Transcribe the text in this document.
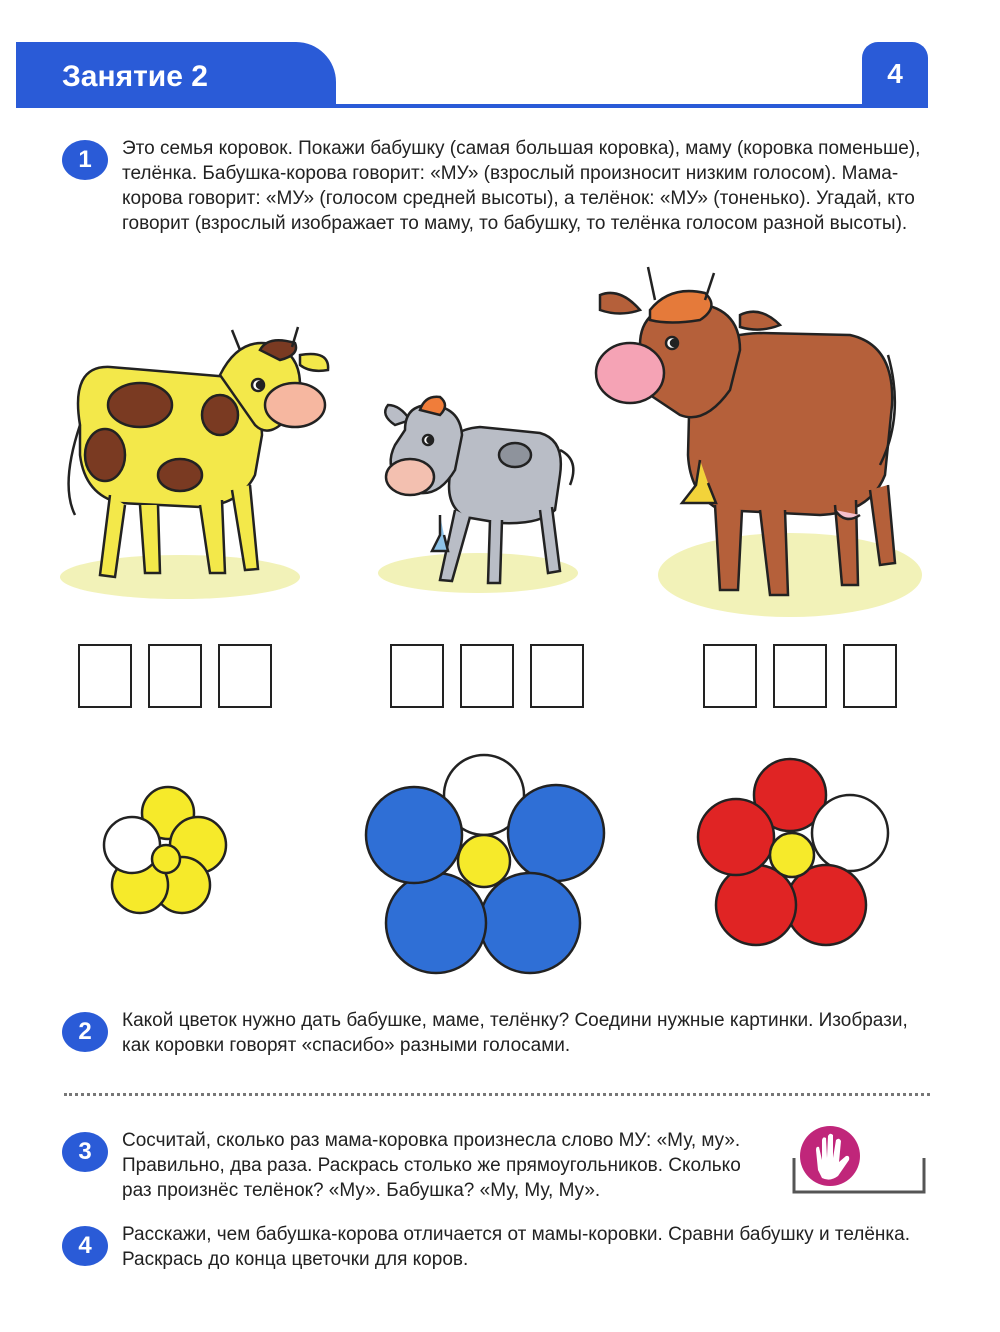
Занятие 2	4
1	Это семья коровок. Покажи бабушку (самая большая коровка), маму (коровка поменьше), телёнка. Бабушка-корова говорит: «МУ» (взрослый произносит низким голосом). Мама-корова говорит: «МУ» (голосом средней высоты), а телёнок: «МУ» (тоненько). Угадай, кто говорит (взрослый изображает то маму, то бабушку, то телёнка голосом разной высоты).
2	Какой цветок нужно дать бабушке, маме, телёнку? Соедини нужные картинки. Изобрази, как коровки говорят «спасибо» разными голосами.
3	Сосчитай, сколько раз мама-коровка произнесла слово МУ: «Му, му». Правильно, два раза. Раскрась столько же прямоугольников. Сколько раз произнёс телёнок? «Му». Бабушка? «Му, Му, Му».
4	Расскажи, чем бабушка-корова отличается от мамы-коровки. Сравни бабушку и телёнка. Раскрась до конца цветочки для коров.
